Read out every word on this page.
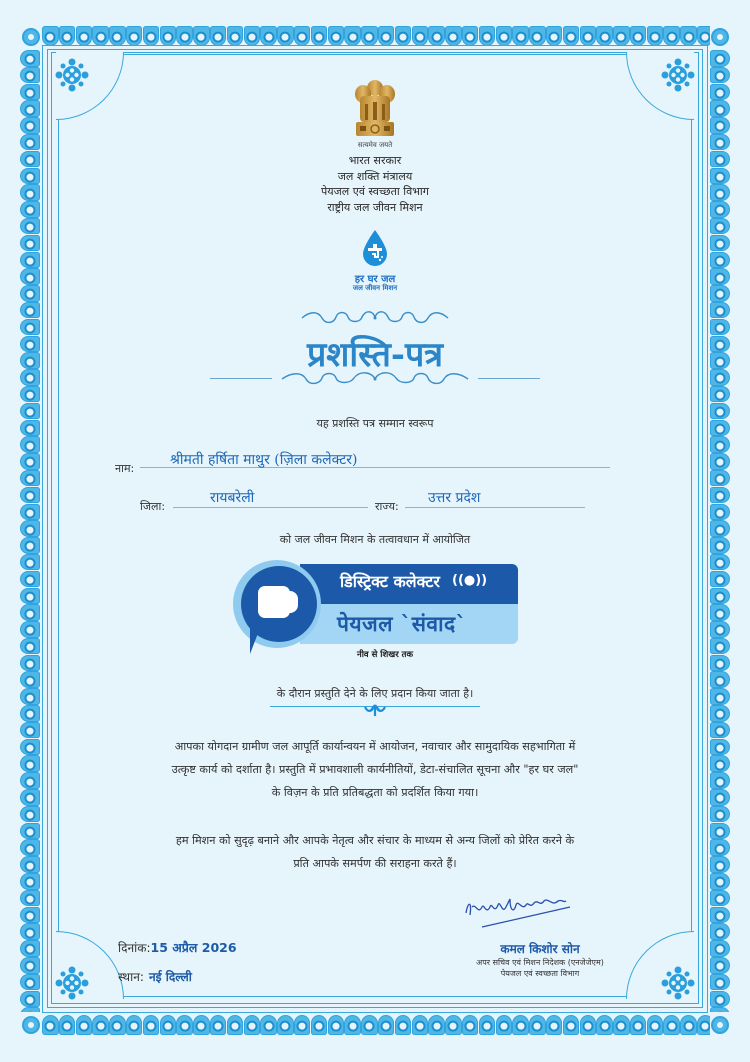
सत्यमेव जयते
भारत सरकार
जल शक्ति मंत्रालय
पेयजल एवं स्वच्छता विभाग
राष्ट्रीय जल जीवन मिशन
हर घर जल
जल जीवन मिशन
प्रशस्ति-पत्र
यह प्रशस्ति पत्र सम्मान स्वरूप
नाम:
श्रीमती हर्षिता माथुर (ज़िला कलेक्टर)
जिला:
रायबरेली
राज्य:
उत्तर प्रदेश
को जल जीवन मिशन के तत्वावधान में आयोजित
डिस्ट्रिक्ट कलेक्टर ((●))
पेयजल `संवाद`
नीव से शिखर तक
के दौरान प्रस्तुति देने के लिए प्रदान किया जाता है।
आपका योगदान ग्रामीण जल आपूर्ति कार्यान्वयन में आयोजन, नवाचार और सामुदायिक सहभागिता में
उत्कृष्ट कार्य को दर्शाता है। प्रस्तुति में प्रभावशाली कार्यनीतियों, डेटा-संचालित सूचना और "हर घर जल"
के विज़न के प्रति प्रतिबद्धता को प्रदर्शित किया गया।
हम मिशन को सुदृढ़ बनाने और आपके नेतृत्व और संचार के माध्यम से अन्य जिलों को प्रेरित करने के
प्रति आपके समर्पण की सराहना करते हैं।
दिनांक:15 अप्रैल 2026
स्थान: नई दिल्ली
कमल किशोर सोन
अपर सचिव एवं मिशन निदेशक (एनजेजेएम)
पेयजल एवं स्वच्छता विभाग
